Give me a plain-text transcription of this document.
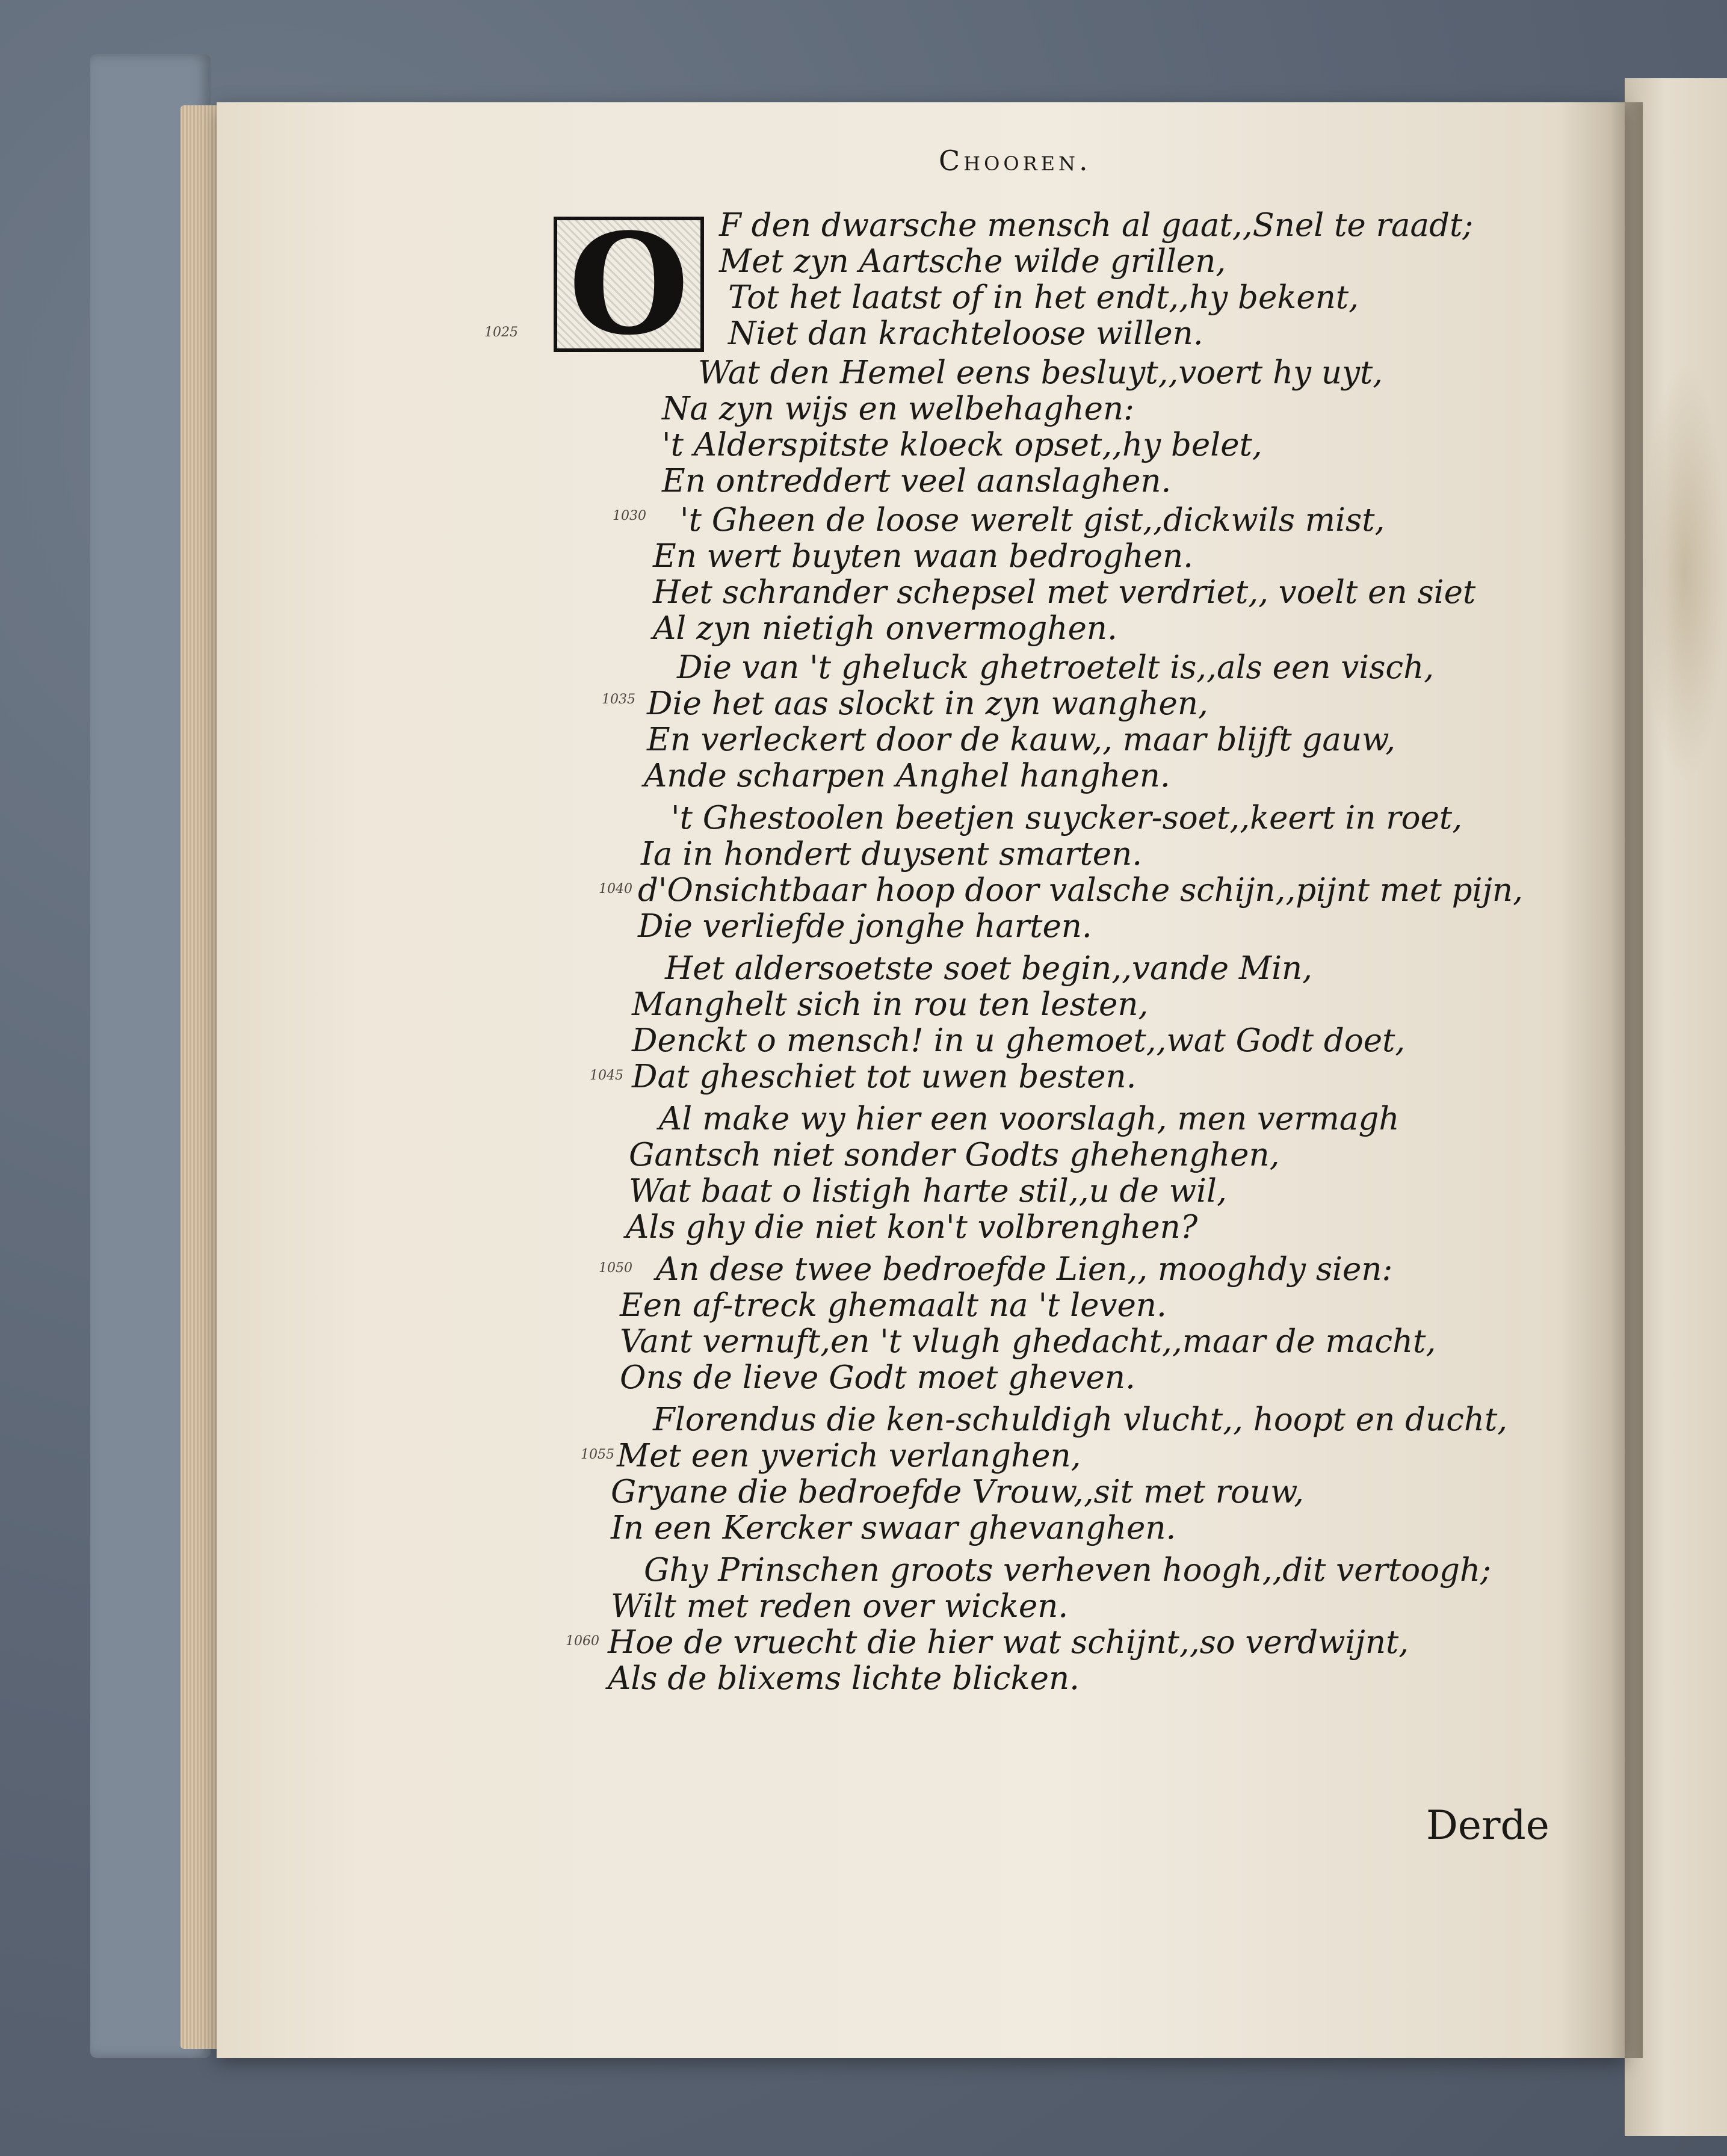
Chooren.
O F den dwarsche mensch al gaat,,Snel te raadt;
Met zyn Aartsche wilde grillen,
Tot het laatst of in het endt,,hy bekent,
Niet dan krachteloose willen.
Wat den Hemel eens besluyt,,voert hy uyt,
Na zyn wijs en welbehaghen:
't Alderspitste kloeck opset,,hy belet,
En ontreddert veel aanslaghen.
't Gheen de loose werelt gist,,dickwils mist,
En wert buyten waan bedroghen.
Het schrander schepsel met verdriet,, voelt en siet
Al zyn nietigh onvermoghen.
Die van 't gheluck ghetroetelt is,,als een visch,
Die het aas slockt in zyn wanghen,
En verleckert door de kauw,, maar blijft gauw,
Ande scharpen Anghel hanghen.
't Ghestoolen beetjen suycker-soet,,keert in roet,
Ia in hondert duysent smarten.
d'Onsichtbaar hoop door valsche schijn,,pijnt met pijn,
Die verliefde jonghe harten.
Het aldersoetste soet begin,,vande Min,
Manghelt sich in rou ten lesten,
Denckt o mensch! in u ghemoet,,wat Godt doet,
Dat gheschiet tot uwen besten.
Al make wy hier een voorslagh, men vermagh
Gantsch niet sonder Godts ghehenghen,
Wat baat o listigh harte stil,,u de wil,
Als ghy die niet kon't volbrenghen?
An dese twee bedroefde Lien,, mooghdy sien:
Een af-treck ghemaalt na 't leven.
Vant vernuft,en 't vlugh ghedacht,,maar de macht,
Ons de lieve Godt moet gheven.
Florendus die ken-schuldigh vlucht,, hoopt en ducht,
Met een yverich verlanghen,
Gryane die bedroefde Vrouw,,sit met rouw,
In een Kercker swaar ghevanghen.
Ghy Prinschen groots verheven hoogh,,dit vertoogh;
Wilt met reden over wicken.
Hoe de vruecht die hier wat schijnt,,so verdwijnt,
Als de blixems lichte blicken.
1025
1030
1035
1040
1045
1050
1055
1060
Derde
